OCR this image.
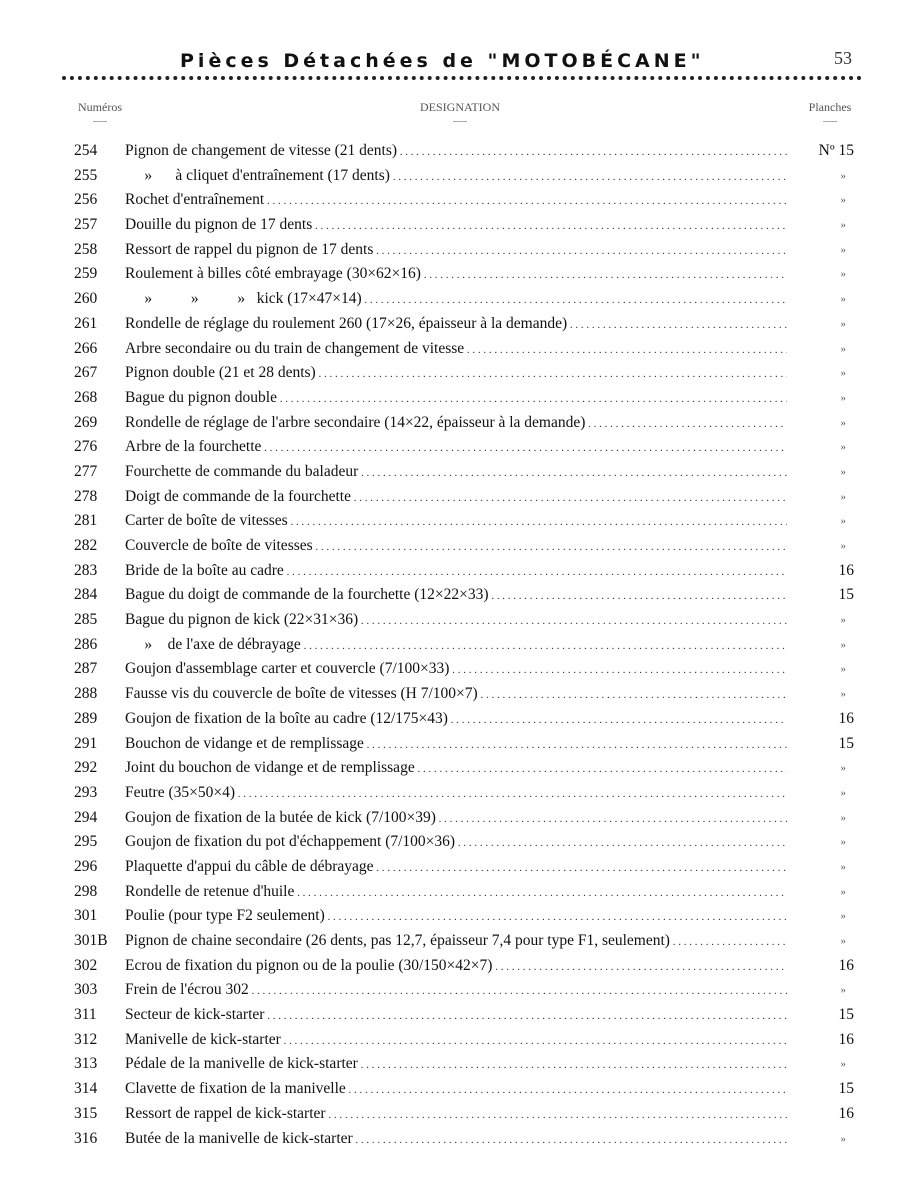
Pièces Détachées de "MOTOBÉCANE"	53
Numéros	DESIGNATION	Planches
254	Pignon de changement de vitesse (21 dents) . . .	Nº 15
255	»      à cliquet d'entraînement (17 dents) . . .	»
256	Rochet d'entraînement . . .	»
257	Douille du pignon de 17 dents . . .	»
258	Ressort de rappel du pignon de 17 dents . . .	»
259	Roulement à billes côté embrayage (30×62×16) . . .	»
260	»          »          »   kick (17×47×14) . . .	»
261	Rondelle de réglage du roulement 260 (17×26, épaisseur à la demande) . . .	»
266	Arbre secondaire ou du train de changement de vitesse . . .	»
267	Pignon double (21 et 28 dents) . . .	»
268	Bague du pignon double . . .	»
269	Rondelle de réglage de l'arbre secondaire (14×22, épaisseur à la demande) . . .	»
276	Arbre de la fourchette . . .	»
277	Fourchette de commande du baladeur . . .	»
278	Doigt de commande de la fourchette . . .	»
281	Carter de boîte de vitesses . . .	»
282	Couvercle de boîte de vitesses . . .	»
283	Bride de la boîte au cadre . . .	16
284	Bague du doigt de commande de la fourchette (12×22×33) . . .	15
285	Bague du pignon de kick (22×31×36) . . .	»
286	»    de l'axe de débrayage . . .	»
287	Goujon d'assemblage carter et couvercle (7/100×33) . . .	»
288	Fausse vis du couvercle de boîte de vitesses (H 7/100×7) . . .	»
289	Goujon de fixation de la boîte au cadre (12/175×43) . . .	16
291	Bouchon de vidange et de remplissage . . .	15
292	Joint du bouchon de vidange et de remplissage . . .	»
293	Feutre (35×50×4) . . .	»
294	Goujon de fixation de la butée de kick (7/100×39) . . .	»
295	Goujon de fixation du pot d'échappement (7/100×36) . . .	»
296	Plaquette d'appui du câble de débrayage . . .	»
298	Rondelle de retenue d'huile . . .	»
301	Poulie (pour type F2 seulement) . . .	»
301B	Pignon de chaine secondaire (26 dents, pas 12,7, épaisseur 7,4 pour type F1, seulement) . . .	»
302	Ecrou de fixation du pignon ou de la poulie (30/150×42×7) . . .	16
303	Frein de l'écrou 302 . . .	»
311	Secteur de kick-starter . . .	15
312	Manivelle de kick-starter . . .	16
313	Pédale de la manivelle de kick-starter . . .	»
314	Clavette de fixation de la manivelle . . .	15
315	Ressort de rappel de kick-starter . . .	16
316	Butée de la manivelle de kick-starter . . .	»
